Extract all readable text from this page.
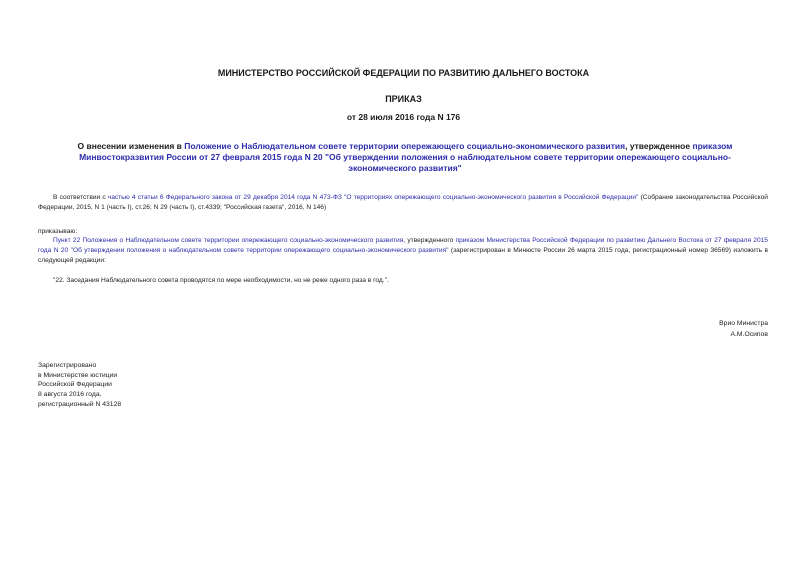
МИНИСТЕРСТВО РОССИЙСКОЙ ФЕДЕРАЦИИ ПО РАЗВИТИЮ ДАЛЬНЕГО ВОСТОКА
ПРИКАЗ
от 28 июля 2016 года N 176
О внесении изменения в Положение о Наблюдательном совете территории опережающего социально-экономического развития, утвержденное приказом Минвостокразвития России от 27 февраля 2015 года N 20 "Об утверждении положения о наблюдательном совете территории опережающего социально-экономического развития"
В соответствии с частью 4 статьи 6 Федерального закона от 29 декабря 2014 года N 473-ФЗ "О территориях опережающего социально-экономического развития в Российской Федерации" (Собрание законодательства Российской Федерации, 2015, N 1 (часть I), ст.26; N 29 (часть I), ст.4339; "Российская газета", 2016, N 146)
приказываю:
Пункт 22 Положения о Наблюдательном совете территории опережающего социально-экономического развития, утвержденного приказом Министерства Российской Федерации по развитию Дальнего Востока от 27 февраля 2015 года N 20 "Об утверждении положения о наблюдательном совете территории опережающего социально-экономического развития" (зарегистрирован в Минюсте России 26 марта 2015 года, регистрационный номер 36569) изложить в следующей редакции:
"22. Заседания Наблюдательного совета проводятся по мере необходимости, но не реже одного раза в год.".
Врио Министра
А.М.Осипов
Зарегистрировано
в Министерстве юстиции
Российской Федерации
8 августа 2016 года,
регистрационный N 43128
